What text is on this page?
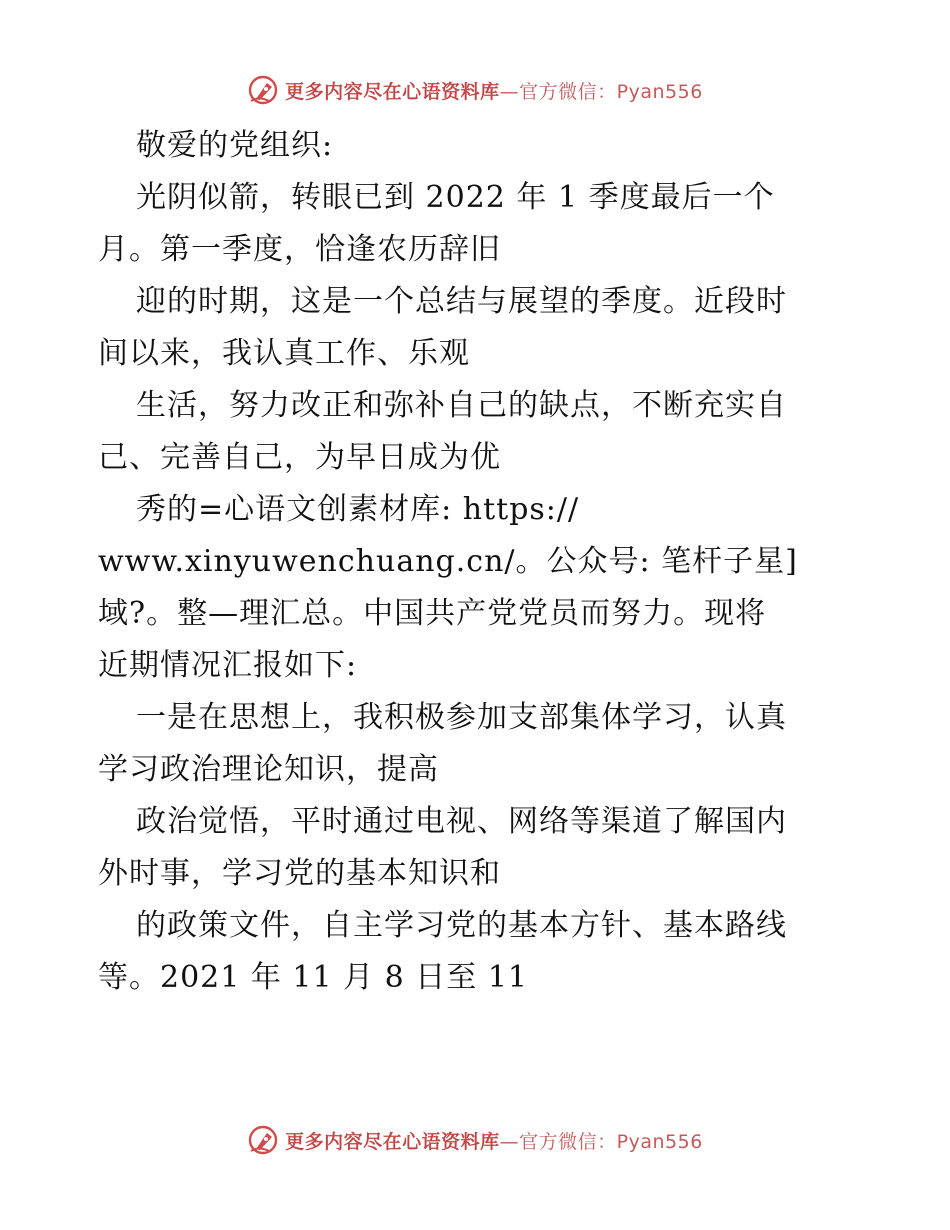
更多内容尽在心语资料库—官方微信：Pyan556
敬爱的党组织:
光阴似箭，转眼已到 2022 年 1 季度最后一个
月。第一季度，恰逢农历辞旧
迎的时期，这是一个总结与展望的季度。近段时
间以来，我认真工作、乐观
生活，努力改正和弥补自己的缺点，不断充实自
己、完善自己，为早日成为优
秀的=心语文创素材库: https://
www.xinyuwenchuang.cn/。公众号: 笔杆子星]
域?。整—理汇总。中国共产党党员而努力。现将
近期情况汇报如下:
一是在思想上，我积极参加支部集体学习，认真
学习政治理论知识，提高
政治觉悟，平时通过电视、网络等渠道了解国内
外时事，学习党的基本知识和
的政策文件，自主学习党的基本方针、基本路线
等。2021 年 11 月 8 日至 11
更多内容尽在心语资料库—官方微信：Pyan556
